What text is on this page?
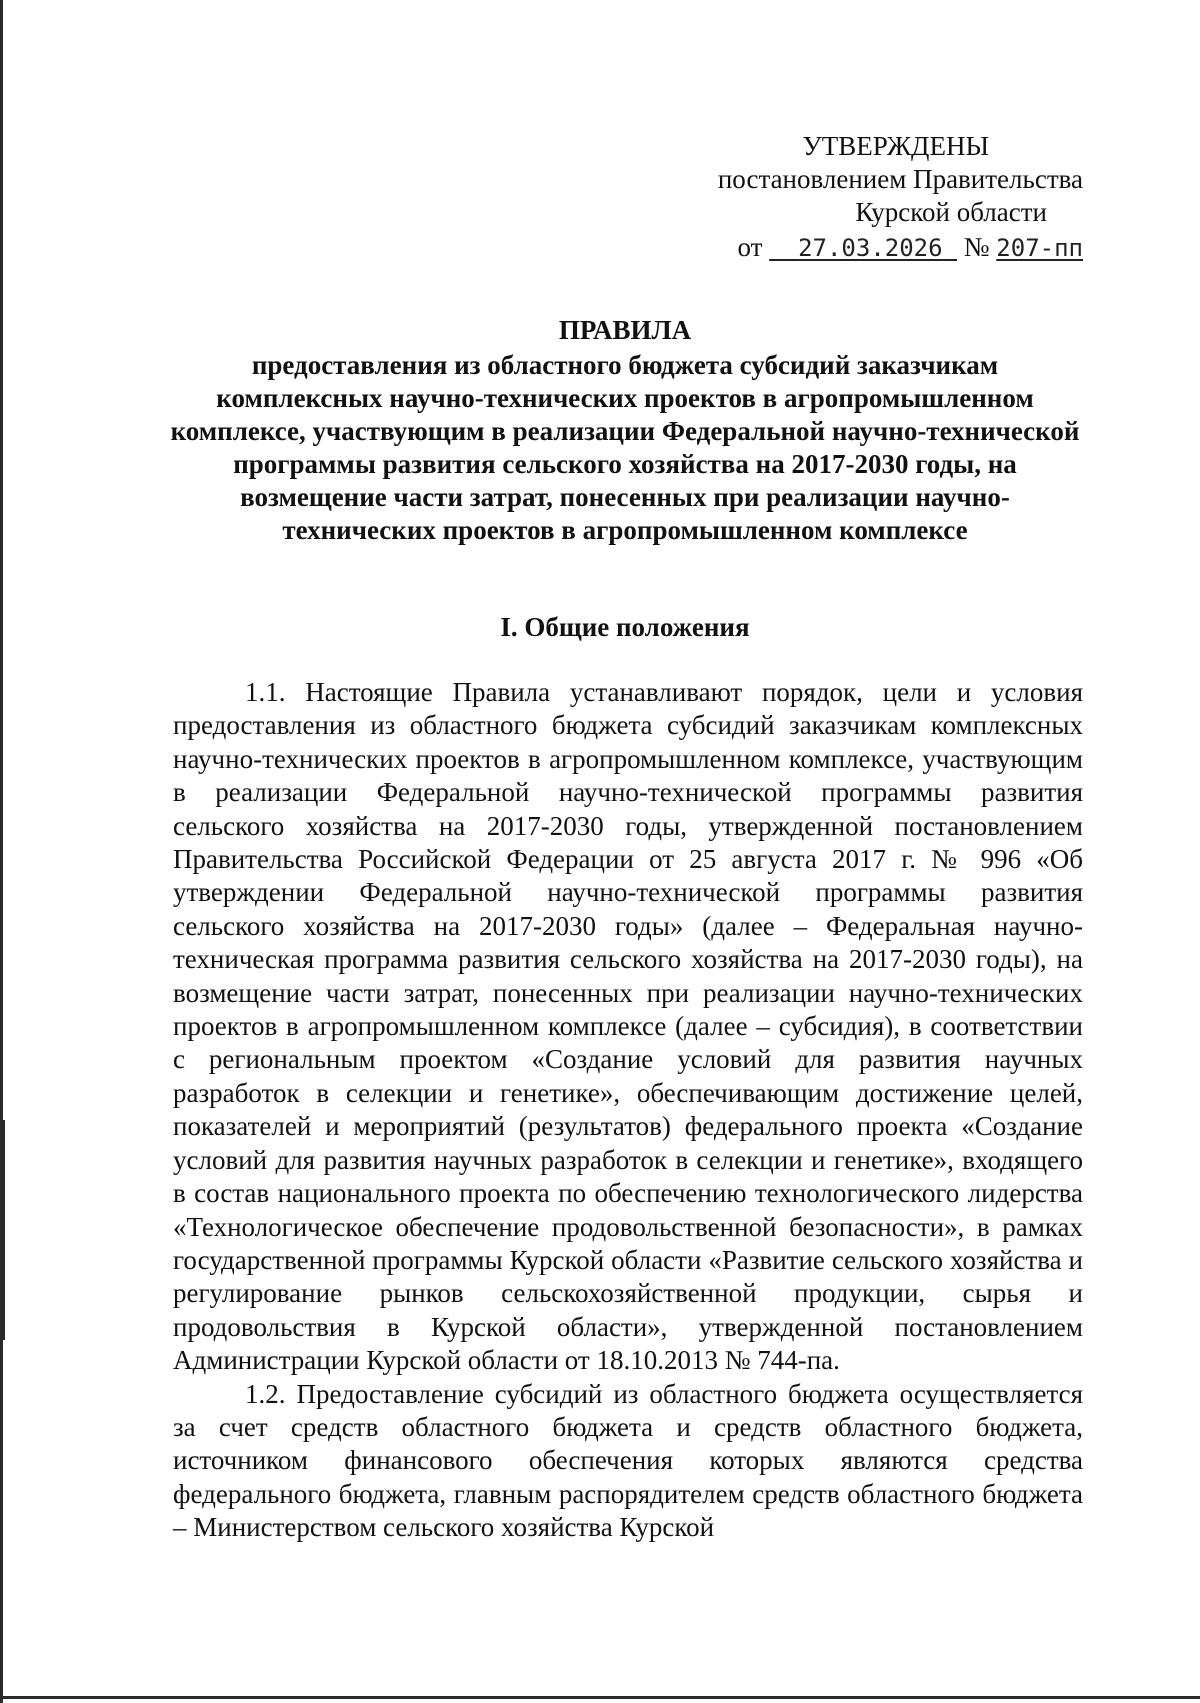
УТВЕРЖДЕНЫ
постановлением Правительства
Курской области
от 27.03.2026 № 207-пп
ПРАВИЛА
предоставления из областного бюджета субсидий заказчикам комплексных научно-технических проектов в агропромышленном комплексе, участвующим в реализации Федеральной научно-технической программы развития сельского хозяйства на 2017-2030 годы, на возмещение части затрат, понесенных при реализации научно-технических проектов в агропромышленном комплексе
I. Общие положения

1.1. Настоящие Правила устанавливают порядок, цели и условия предоставления из областного бюджета субсидий заказчикам комплексных научно-технических проектов в агропромышленном комплексе, участвующим в реализации Федеральной научно-технической программы развития сельского хозяйства на 2017-2030 годы, утвержденной постановлением Правительства Российской Федерации от 25 августа 2017 г. № 996 «Об утверждении Федеральной научно-технической программы развития сельского хозяйства на 2017-2030 годы» (далее – Федеральная научно-техническая программа развития сельского хозяйства на 2017-2030 годы), на возмещение части затрат, понесенных при реализации научно-технических проектов в агропромышленном комплексе (далее – субсидия), в соответствии с региональным проектом «Создание условий для развития научных разработок в селекции и генетике», обеспечивающим достижение целей, показателей и мероприятий (результатов) федерального проекта «Создание условий для развития научных разработок в селекции и генетике», входящего в состав национального проекта по обеспечению технологического лидерства «Технологическое обеспечение продовольственной безопасности», в рамках государственной программы Курской области «Развитие сельского хозяйства и регулирование рынков сельскохозяйственной продукции, сырья и продовольствия в Курской области», утвержденной постановлением Администрации Курской области от 18.10.2013 № 744-па.

1.2. Предоставление субсидий из областного бюджета осуществляется за счет средств областного бюджета и средств областного бюджета, источником финансового обеспечения которых являются средства федерального бюджета, главным распорядителем средств областного бюджета – Министерством сельского хозяйства Курской
